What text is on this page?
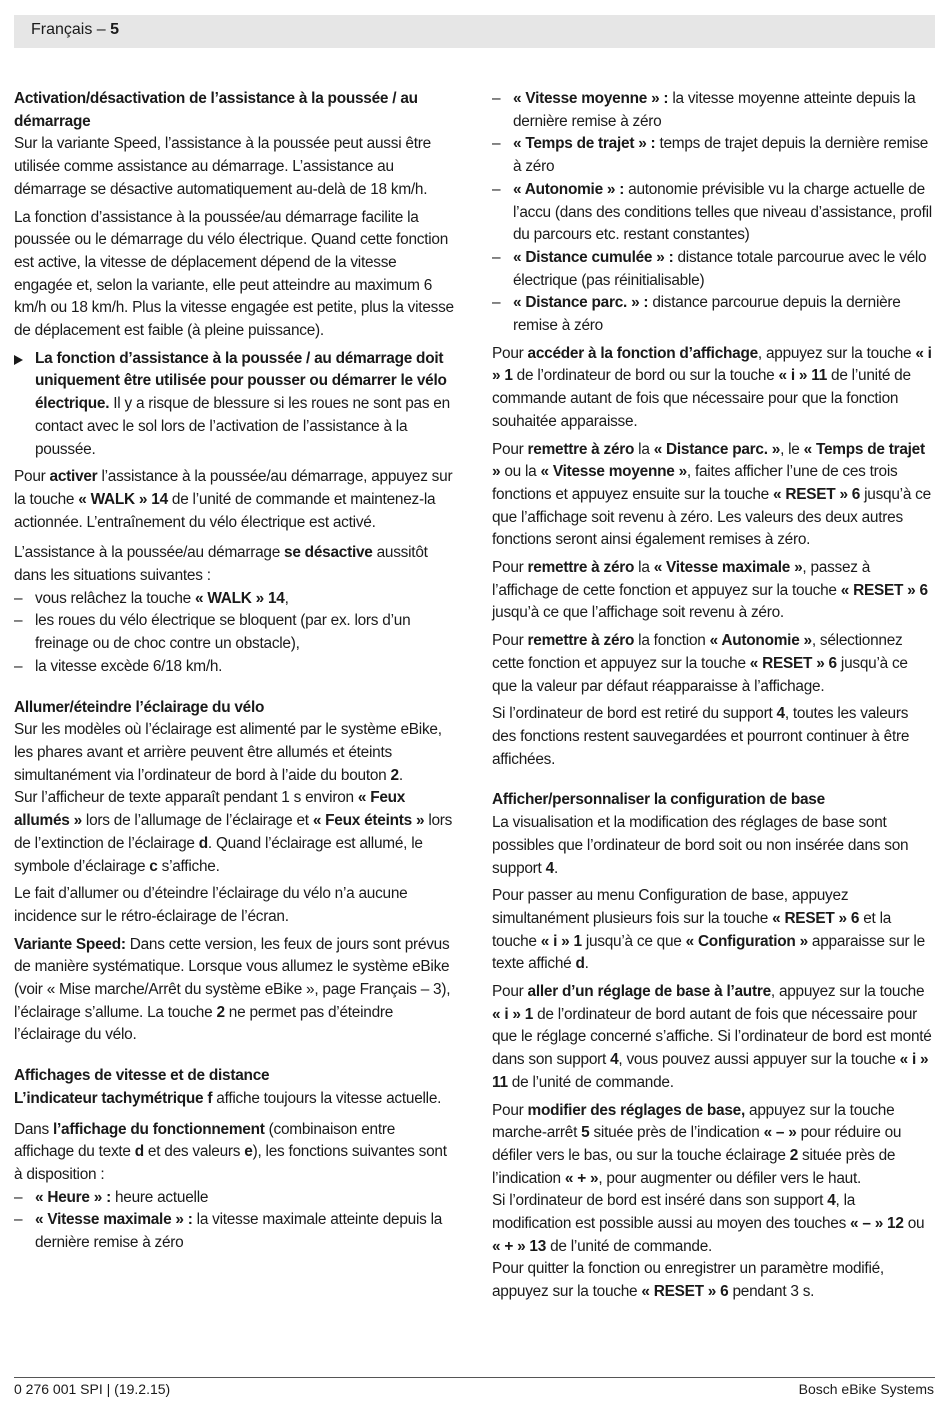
Français – 5
Activation/désactivation de l’assistance à la poussée / au démarrage

Sur la variante Speed, l’assistance à la poussée peut aussi être utilisée comme assistance au démarrage. L’assistance au démarrage se désactive automatiquement au-delà de 18 km/h.

La fonction d’assistance à la poussée/au démarrage facilite la poussée ou le démarrage du vélo électrique. Quand cette fonction est active, la vitesse de déplacement dépend de la vitesse engagée et, selon la variante, elle peut atteindre au maximum 6 km/h ou 18 km/h. Plus la vitesse engagée est petite, plus la vitesse de déplacement est faible (à pleine puissance).

La fonction d’assistance à la poussée / au démarrage doit uniquement être utilisée pour pousser ou démarrer le vélo électrique. Il y a risque de blessure si les roues ne sont pas en contact avec le sol lors de l’activation de l’assistance à la poussée.

Pour activer l’assistance à la poussée/au démarrage, appuyez sur la touche « WALK » 14 de l’unité de commande et maintenez-la actionnée. L’entraînement du vélo électrique est activé.

L’assistance à la poussée/au démarrage se désactive aussitôt dans les situations suivantes :

– vous relâchez la touche « WALK » 14,
– les roues du vélo électrique se bloquent (par ex. lors d’un freinage ou de choc contre un obstacle),
– la vitesse excède 6/18 km/h.
Allumer/éteindre l’éclairage du vélo

Sur les modèles où l’éclairage est alimenté par le système eBike, les phares avant et arrière peuvent être allumés et éteints simultanément via l’ordinateur de bord à l’aide du bouton 2.

Sur l’afficheur de texte apparaît pendant 1 s environ « Feux allumés » lors de l’allumage de l’éclairage et « Feux éteints » lors de l’extinction de l’éclairage d. Quand l’éclairage est allumé, le symbole d’éclairage c s’affiche.

Le fait d’allumer ou d’éteindre l’éclairage du vélo n’a aucune incidence sur le rétro-éclairage de l’écran.

Variante Speed: Dans cette version, les feux de jours sont prévus de manière systématique. Lorsque vous allumez le système eBike (voir « Mise marche/Arrêt du système eBike », page Français – 3), l’éclairage s’allume. La touche 2 ne permet pas d’éteindre l’éclairage du vélo.

Affichages de vitesse et de distance

L’indicateur tachymétrique f affiche toujours la vitesse actuelle.

Dans l’affichage du fonctionnement (combinaison entre affichage du texte d et des valeurs e), les fonctions suivantes sont à disposition :

– « Heure » : heure actuelle
– « Vitesse maximale » : la vitesse maximale atteinte depuis la dernière remise à zéro
– « Vitesse moyenne » : la vitesse moyenne atteinte depuis la dernière remise à zéro
– « Temps de trajet » : temps de trajet depuis la dernière remise à zéro
– « Autonomie » : autonomie prévisible vu la charge actuelle de l’accu (dans des conditions telles que niveau d’assistance, profil du parcours etc. restant constantes)
– « Distance cumulée » : distance totale parcourue avec le vélo électrique (pas réinitialisable)
– « Distance parc. » : distance parcourue depuis la dernière remise à zéro

Pour accéder à la fonction d’affichage, appuyez sur la touche « i » 1 de l’ordinateur de bord ou sur la touche « i » 11 de l’unité de commande autant de fois que nécessaire pour que la fonction souhaitée apparaisse.

Pour remettre à zéro la « Distance parc. », le « Temps de trajet » ou la « Vitesse moyenne », faites afficher l’une de ces trois fonctions et appuyez ensuite sur la touche « RESET » 6 jusqu’à ce que l’affichage soit revenu à zéro. Les valeurs des deux autres fonctions seront ainsi également remises à zéro.

Pour remettre à zéro la « Vitesse maximale », passez à l’affichage de cette fonction et appuyez sur la touche « RESET » 6 jusqu’à ce que l’affichage soit revenu à zéro.

Pour remettre à zéro la fonction « Autonomie », sélectionnez cette fonction et appuyez sur la touche « RESET » 6 jusqu’à ce que la valeur par défaut réapparaisse à l’affichage.

Si l’ordinateur de bord est retiré du support 4, toutes les valeurs des fonctions restent sauvegardées et pourront continuer à être affichées.

Afficher/personnaliser la configuration de base

La visualisation et la modification des réglages de base sont possibles que l’ordinateur de bord soit ou non insérée dans son support 4.

Pour passer au menu Configuration de base, appuyez simultanément plusieurs fois sur la touche « RESET » 6 et la touche « i » 1 jusqu’à ce que « Configuration » apparaisse sur le texte affiché d.

Pour aller d’un réglage de base à l’autre, appuyez sur la touche « i » 1 de l’ordinateur de bord autant de fois que nécessaire pour que le réglage concerné s’affiche. Si l’ordinateur de bord est monté dans son support 4, vous pouvez aussi appuyer sur la touche « i » 11 de l’unité de commande.

Pour modifier des réglages de base, appuyez sur la touche marche-arrêt 5 située près de l’indication « – » pour réduire ou défiler vers le bas, ou sur la touche éclairage 2 située près de l’indication « + », pour augmenter ou défiler vers le haut.

Si l’ordinateur de bord est inséré dans son support 4, la modification est possible aussi au moyen des touches « – » 12 ou « + » 13 de l’unité de commande.

Pour quitter la fonction ou enregistrer un paramètre modifié, appuyez sur la touche « RESET » 6 pendant 3 s.

0 276 001 SPI | (19.2.15)	Bosch eBike Systems
